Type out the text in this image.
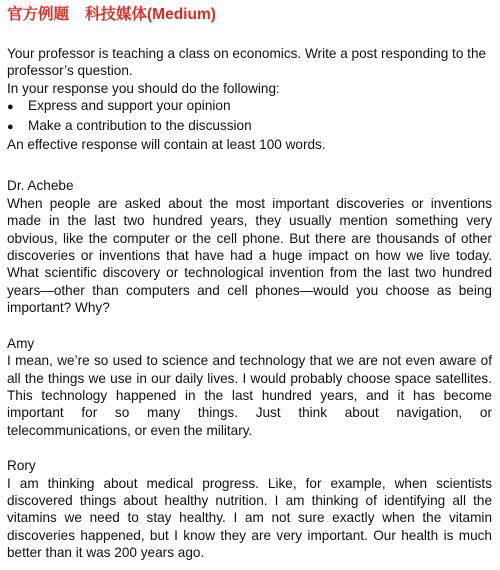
官方例题 科技媒体(Medium)

Your professor is teaching a class on economics. Write a post responding to the professor’s question.

In your response you should do the following:

●	Express and support your opinion
●	Make a contribution to the discussion

An effective response will contain at least 100 words.

Dr. Achebe

When people are asked about the most important discoveries or inventions made in the last two hundred years, they usually mention something very obvious, like the computer or the cell phone. But there are thousands of other discoveries or inventions that have had a huge impact on how we live today. What scientific discovery or technological invention from the last two hundred years—other than computers and cell phones—would you choose as being important? Why?

Amy

I mean, we’re so used to science and technology that we are not even aware of all the things we use in our daily lives. I would probably choose space satellites. This technology happened in the last hundred years, and it has become important for so many things. Just think about navigation, or telecommunications, or even the military.

Rory

I am thinking about medical progress. Like, for example, when scientists discovered things about healthy nutrition. I am thinking of identifying all the vitamins we need to stay healthy. I am not sure exactly when the vitamin discoveries happened, but I know they are very important. Our health is much better than it was 200 years ago.
